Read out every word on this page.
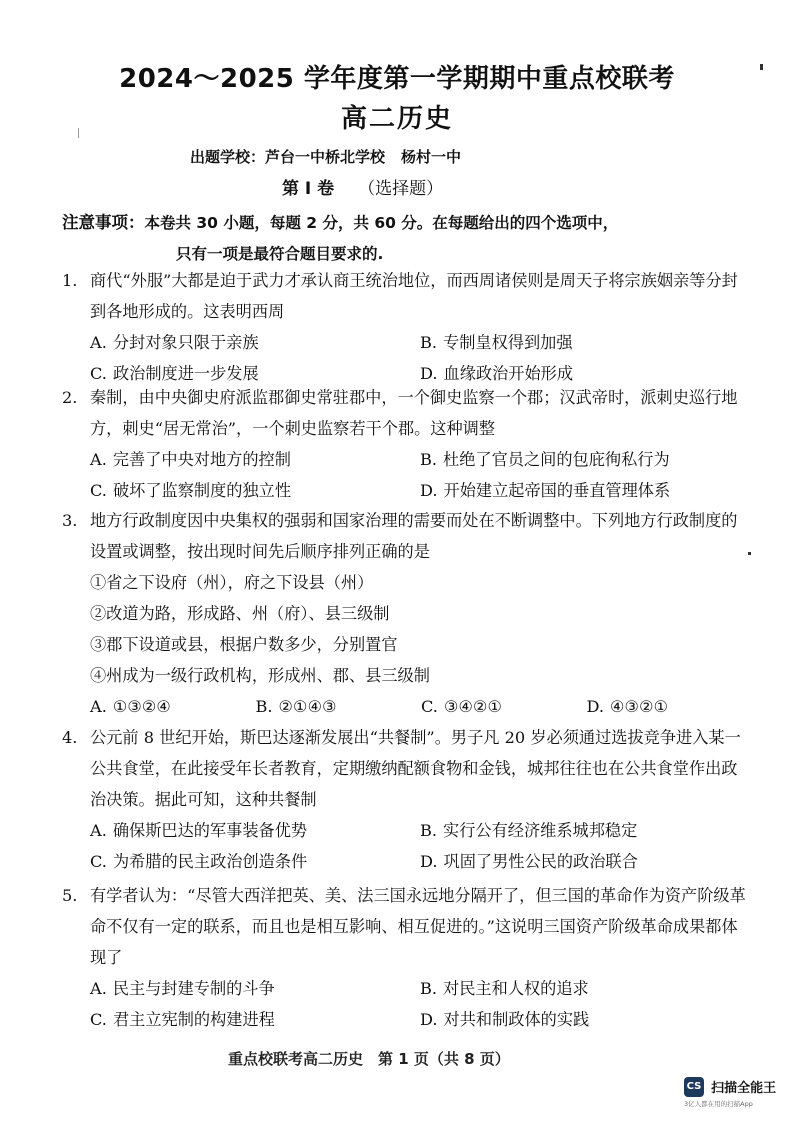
2024～2025 学年度第一学期期中重点校联考
高二历史
出题学校：芦台一中桥北学校 杨村一中
第 Ⅰ 卷 （选择题）
注意事项：本卷共 30 小题，每题 2 分，共 60 分。在每题给出的四个选项中，
只有一项是最符合题目要求的.
1. 商代“外服”大都是迫于武力才承认商王统治地位，而西周诸侯则是周天子将宗族姻亲等分封到各地形成的。这表明西周
A. 分封对象只限于亲族	B. 专制皇权得到加强
C. 政治制度进一步发展	D. 血缘政治开始形成
2. 秦制，由中央御史府派监郡御史常驻郡中，一个御史监察一个郡；汉武帝时，派刺史巡行地方，刺史“居无常治”，一个刺史监察若干个郡。这种调整
A. 完善了中央对地方的控制	B. 杜绝了官员之间的包庇徇私行为
C. 破坏了监察制度的独立性	D. 开始建立起帝国的垂直管理体系
3. 地方行政制度因中央集权的强弱和国家治理的需要而处在不断调整中。下列地方行政制度的设置或调整，按出现时间先后顺序排列正确的是
①省之下设府（州），府之下设县（州）
②改道为路，形成路、州（府）、县三级制
③郡下设道或县，根据户数多少，分别置官
④州成为一级行政机构，形成州、郡、县三级制
A. ①③②④	B. ②①④③	C. ③④②①	D. ④③②①
4. 公元前 8 世纪开始，斯巴达逐渐发展出“共餐制”。男子凡 20 岁必须通过选拔竞争进入某一公共食堂，在此接受年长者教育，定期缴纳配额食物和金钱，城邦往往也在公共食堂作出政治决策。据此可知，这种共餐制
A. 确保斯巴达的军事装备优势	B. 实行公有经济维系城邦稳定
C. 为希腊的民主政治创造条件	D. 巩固了男性公民的政治联合
5. 有学者认为：“尽管大西洋把英、美、法三国永远地分隔开了，但三国的革命作为资产阶级革命不仅有一定的联系，而且也是相互影响、相互促进的。”这说明三国资产阶级革命成果都体现了
A. 民主与封建专制的斗争	B. 对民主和人权的追求
C. 君主立宪制的构建进程	D. 对共和制政体的实践
重点校联考高二历史　第 1 页（共 8 页）
CS 扫描全能王
3亿人都在用的扫描App
